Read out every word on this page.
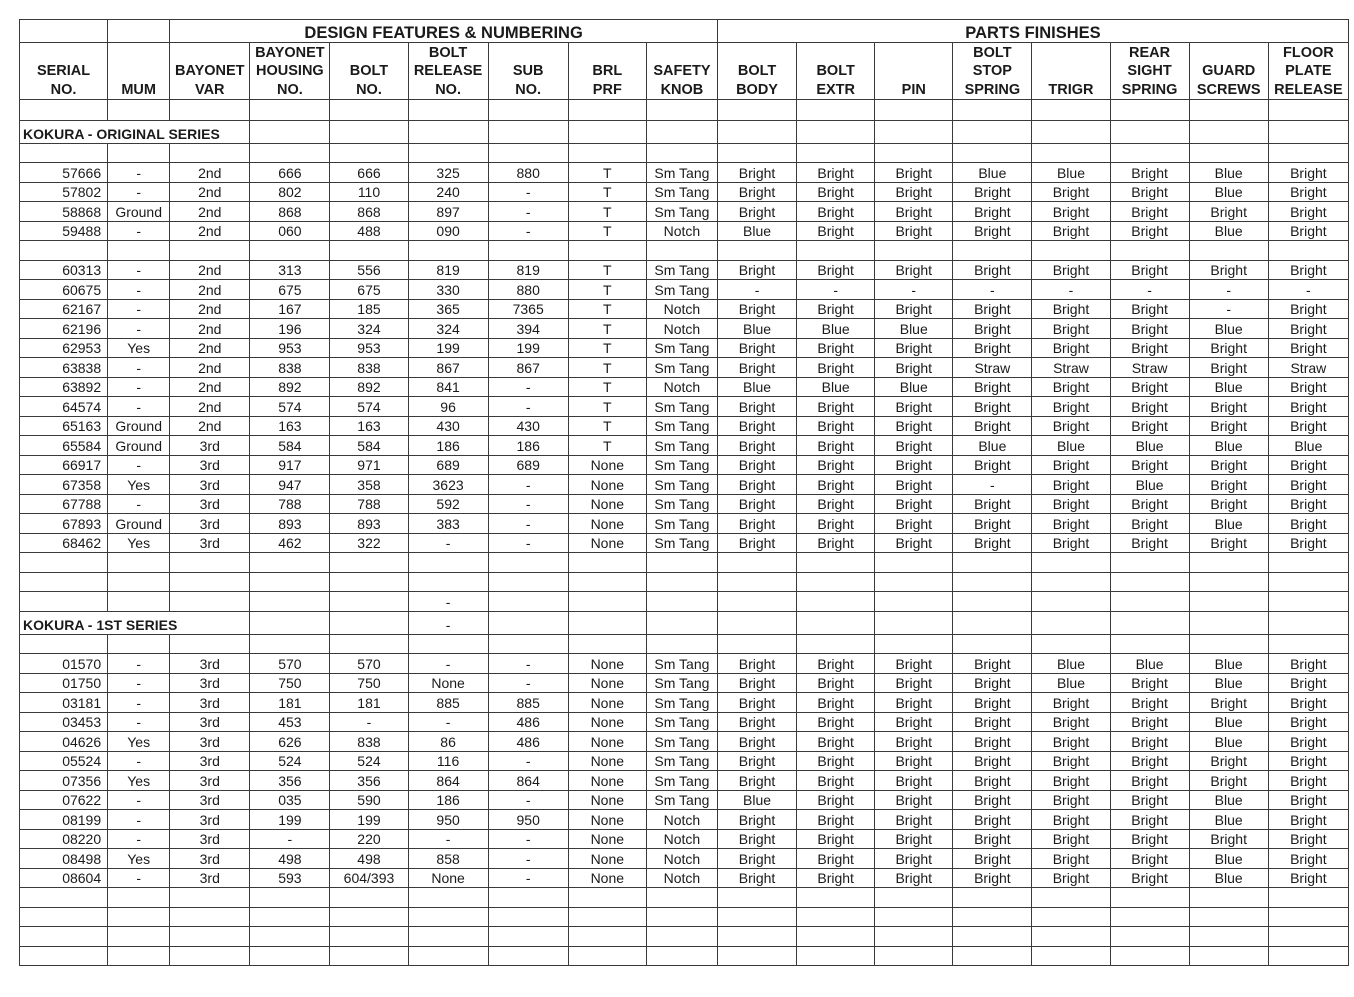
		DESIGN FEATURES & NUMBERING							PARTS FINISHES							
			BAYONET		BOLT							BOLT		REAR		FLOOR
SERIAL		BAYONET	HOUSING	BOLT	RELEASE	SUB	BRL	SAFETY	BOLT	BOLT		STOP		SIGHT	GUARD	PLATE
NO.	MUM	VAR	NO.	NO.	NO.	NO.	PRF	KNOB	BODY	EXTR	PIN	SPRING	TRIGR	SPRING	SCREWS	RELEASE

KOKURA - ORIGINAL SERIES																

57666	-	2nd	666	666	325	880	T	Sm Tang	Bright	Bright	Bright	Blue	Blue	Bright	Blue	Bright
57802	-	2nd	802	110	240	-	T	Sm Tang	Bright	Bright	Bright	Bright	Bright	Bright	Blue	Bright
58868	Ground	2nd	868	868	897	-	T	Sm Tang	Bright	Bright	Bright	Bright	Bright	Bright	Bright	Bright
59488	-	2nd	060	488	090	-	T	Notch	Blue	Bright	Bright	Bright	Bright	Bright	Blue	Bright

60313	-	2nd	313	556	819	819	T	Sm Tang	Bright	Bright	Bright	Bright	Bright	Bright	Bright	Bright
60675	-	2nd	675	675	330	880	T	Sm Tang	-	-	-	-	-	-	-	-
62167	-	2nd	167	185	365	7365	T	Notch	Bright	Bright	Bright	Bright	Bright	Bright	-	Bright
62196	-	2nd	196	324	324	394	T	Notch	Blue	Blue	Blue	Bright	Bright	Bright	Blue	Bright
62953	Yes	2nd	953	953	199	199	T	Sm Tang	Bright	Bright	Bright	Bright	Bright	Bright	Bright	Bright
63838	-	2nd	838	838	867	867	T	Sm Tang	Bright	Bright	Bright	Straw	Straw	Straw	Bright	Straw
63892	-	2nd	892	892	841	-	T	Notch	Blue	Blue	Blue	Bright	Bright	Bright	Blue	Bright
64574	-	2nd	574	574	96	-	T	Sm Tang	Bright	Bright	Bright	Bright	Bright	Bright	Bright	Bright
65163	Ground	2nd	163	163	430	430	T	Sm Tang	Bright	Bright	Bright	Bright	Bright	Bright	Bright	Bright
65584	Ground	3rd	584	584	186	186	T	Sm Tang	Bright	Bright	Bright	Blue	Blue	Blue	Blue	Blue
66917	-	3rd	917	971	689	689	None	Sm Tang	Bright	Bright	Bright	Bright	Bright	Bright	Bright	Bright
67358	Yes	3rd	947	358	3623	-	None	Sm Tang	Bright	Bright	Bright	-	Bright	Blue	Bright	Bright
67788	-	3rd	788	788	592	-	None	Sm Tang	Bright	Bright	Bright	Bright	Bright	Bright	Bright	Bright
67893	Ground	3rd	893	893	383	-	None	Sm Tang	Bright	Bright	Bright	Bright	Bright	Bright	Blue	Bright
68462	Yes	3rd	462	322	-	-	None	Sm Tang	Bright	Bright	Bright	Bright	Bright	Bright	Bright	Bright

					-											
KOKURA - 1ST SERIES					-											

01570	-	3rd	570	570	-	-	None	Sm Tang	Bright	Bright	Bright	Bright	Blue	Blue	Blue	Bright
01750	-	3rd	750	750	None	-	None	Sm Tang	Bright	Bright	Bright	Bright	Blue	Bright	Blue	Bright
03181	-	3rd	181	181	885	885	None	Sm Tang	Bright	Bright	Bright	Bright	Bright	Bright	Bright	Bright
03453	-	3rd	453	-	-	486	None	Sm Tang	Bright	Bright	Bright	Bright	Bright	Bright	Blue	Bright
04626	Yes	3rd	626	838	86	486	None	Sm Tang	Bright	Bright	Bright	Bright	Bright	Bright	Blue	Bright
05524	-	3rd	524	524	116	-	None	Sm Tang	Bright	Bright	Bright	Bright	Bright	Bright	Bright	Bright
07356	Yes	3rd	356	356	864	864	None	Sm Tang	Bright	Bright	Bright	Bright	Bright	Bright	Bright	Bright
07622	-	3rd	035	590	186	-	None	Sm Tang	Blue	Bright	Bright	Bright	Bright	Bright	Blue	Bright
08199	-	3rd	199	199	950	950	None	Notch	Bright	Bright	Bright	Bright	Bright	Bright	Blue	Bright
08220	-	3rd	-	220	-	-	None	Notch	Bright	Bright	Bright	Bright	Bright	Bright	Bright	Bright
08498	Yes	3rd	498	498	858	-	None	Notch	Bright	Bright	Bright	Bright	Bright	Bright	Blue	Bright
08604	-	3rd	593	604/393	None	-	None	Notch	Bright	Bright	Bright	Bright	Bright	Bright	Blue	Bright
